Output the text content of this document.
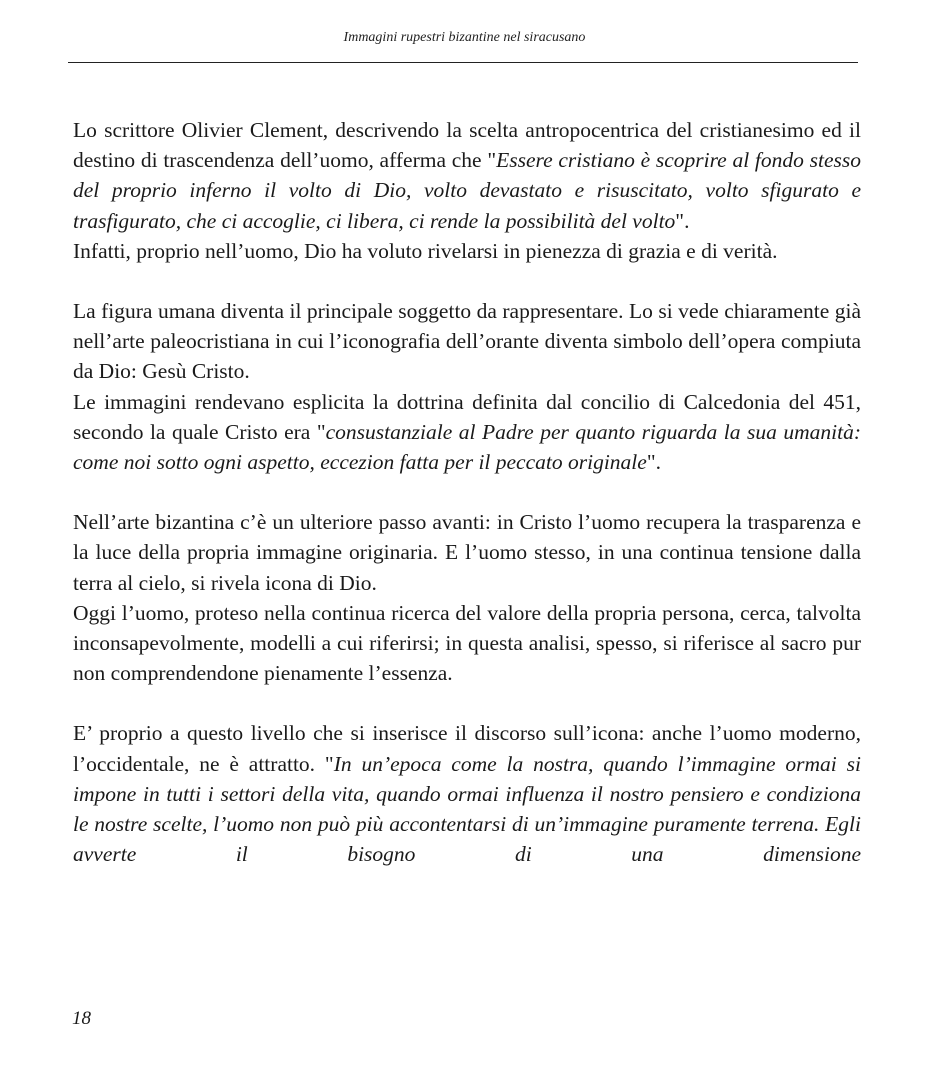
Immagini rupestri bizantine nel siracusano

Lo scrittore Olivier Clement, descrivendo la scelta antropocentrica del cristianesimo ed il destino di trascendenza dell’uomo, afferma che "Essere cristiano è scoprire al fondo stesso del proprio inferno il volto di Dio, volto devastato e risuscitato, volto sfigurato e trasfigurato, che ci accoglie, ci libera, ci rende la possibilità del volto".

Infatti, proprio nell’uomo, Dio ha voluto rivelarsi in pienezza di grazia e di verità.

La figura umana diventa il principale soggetto da rappresentare. Lo si vede chiaramente già nell’arte paleocristiana in cui l’iconografia dell’orante diventa simbolo dell’opera compiuta da Dio: Gesù Cristo.

Le immagini rendevano esplicita la dottrina definita dal concilio di Calcedonia del 451, secondo la quale Cristo era "consustanziale al Padre per quanto riguarda la sua umanità: come noi sotto ogni aspetto, eccezion fatta per il peccato originale".

Nell’arte bizantina c’è un ulteriore passo avanti: in Cristo l’uomo recupera la trasparenza e la luce della propria immagine originaria. E l’uomo stesso, in una continua tensione dalla terra al cielo, si rivela icona di Dio.

Oggi l’uomo, proteso nella continua ricerca del valore della propria persona, cerca, talvolta inconsapevolmente, modelli a cui riferirsi; in questa analisi, spesso, si riferisce al sacro pur non comprendendone pienamente l’essenza.

E’ proprio a questo livello che si inserisce il discorso sull’icona: anche l’uomo moderno, l’occidentale, ne è attratto. "In un’epoca come la nostra, quando l’immagine ormai si impone in tutti i settori della vita, quando ormai influenza il nostro pensiero e condiziona le nostre scelte, l’uomo non può più accontentarsi di un’immagine puramente terrena. Egli avverte il bisogno di una dimensione

18
